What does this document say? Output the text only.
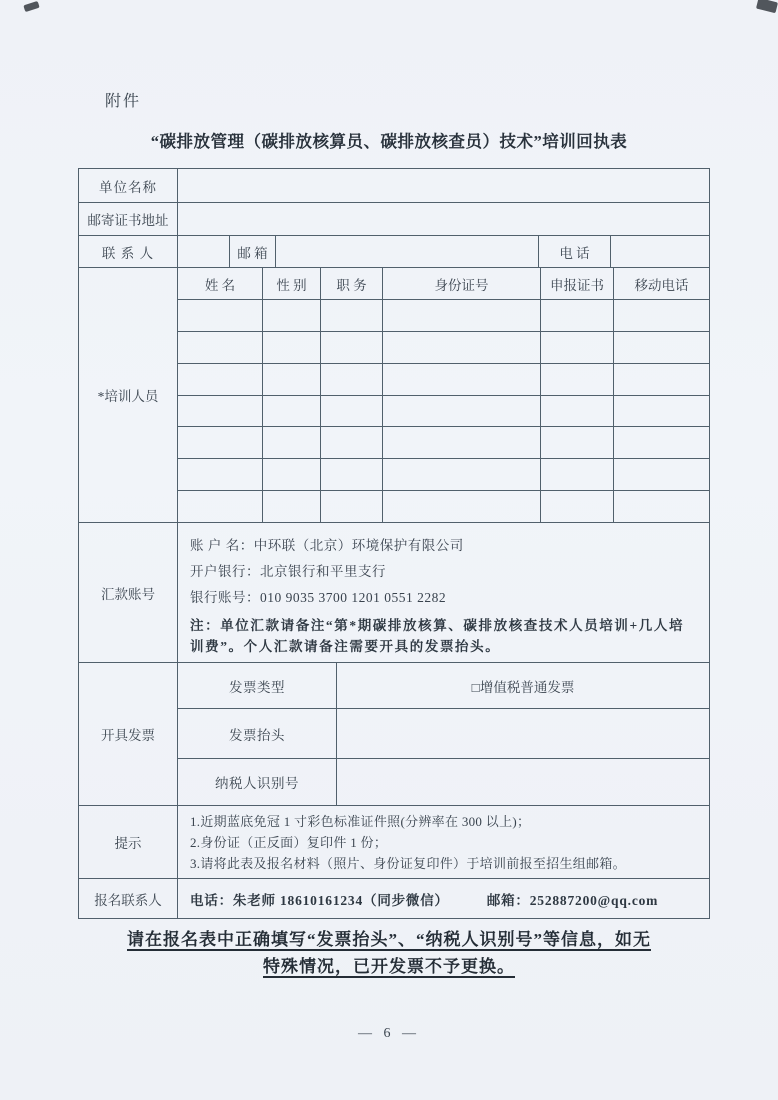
附件
“碳排放管理（碳排放核算员、碳排放核查员）技术”培训回执表
单位名称
邮寄证书地址
联 系 人	邮 箱	电 话
*培训人员
姓 名	性 别	职 务	身份证号	申报证书	移动电话
汇款账号
账 户 名：中环联（北京）环境保护有限公司
开户银行：北京银行和平里支行
银行账号：010 9035 3700 1201 0551 2282
注：单位汇款请备注“第*期碳排放核算、碳排放核查技术人员培训+几人培训费”。个人汇款请备注需要开具的发票抬头。
开具发票
发票类型	□增值税普通发票
发票抬头
纳税人识别号
提示
1.近期蓝底免冠 1 寸彩色标准证件照(分辨率在 300 以上)；
2.身份证（正反面）复印件 1 份；
3.请将此表及报名材料（照片、身份证复印件）于培训前报至招生组邮箱。
报名联系人	电话：朱老师 18610161234（同步微信）	邮箱：252887200@qq.com
请在报名表中正确填写“发票抬头”、“纳税人识别号”等信息，如无
特殊情况，已开发票不予更换。
— 6 —
